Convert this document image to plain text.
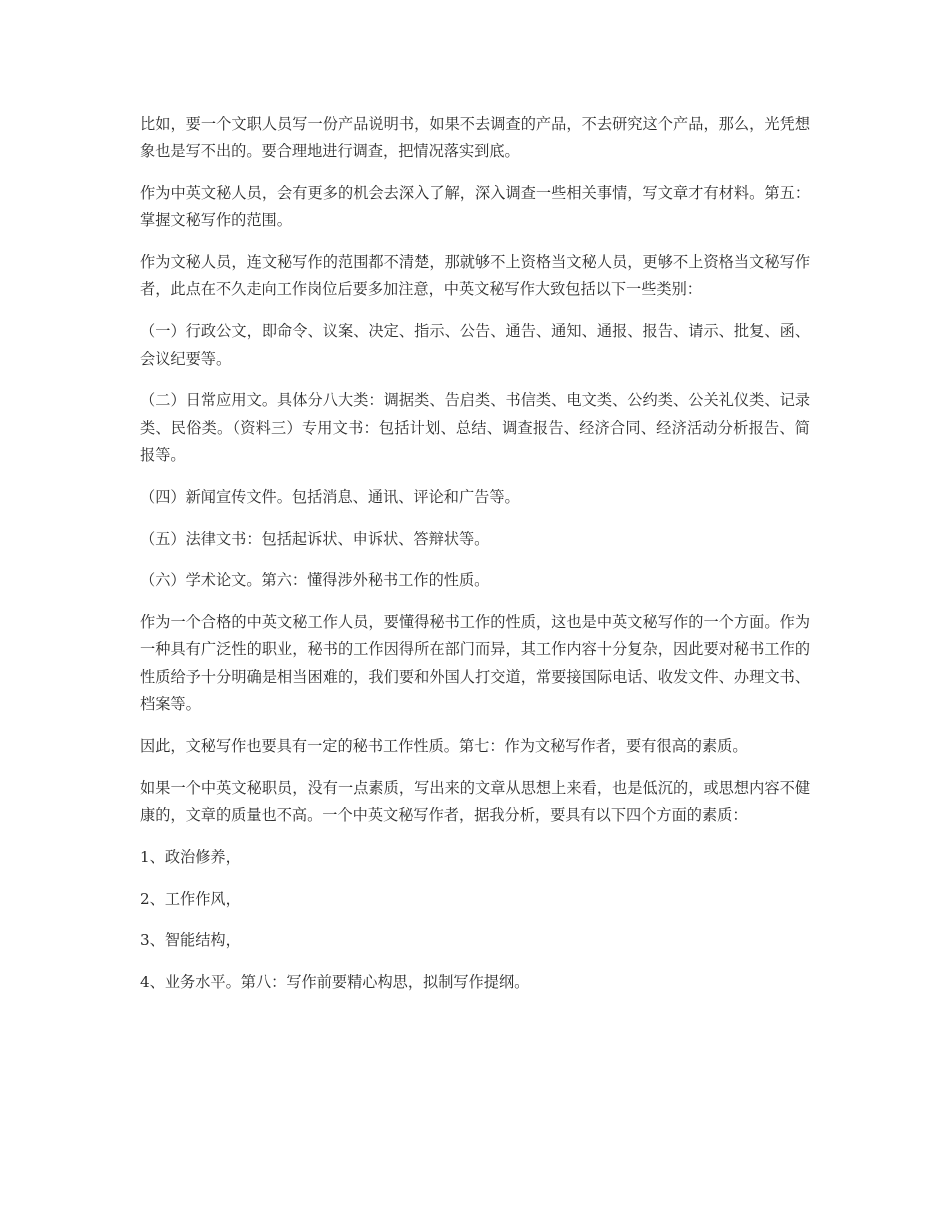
比如，要一个文职人员写一份产品说明书，如果不去调查的产品，不去研究这个产品，那么，光凭想象也是写不出的。要合理地进行调查，把情况落实到底。

作为中英文秘人员，会有更多的机会去深入了解，深入调查一些相关事情，写文章才有材料。第五：掌握文秘写作的范围。

作为文秘人员，连文秘写作的范围都不清楚，那就够不上资格当文秘人员，更够不上资格当文秘写作者，此点在不久走向工作岗位后要多加注意，中英文秘写作大致包括以下一些类别：

（一）行政公文，即命令、议案、决定、指示、公告、通告、通知、通报、报告、请示、批复、函、会议纪要等。

（二）日常应用文。具体分八大类：调据类、告启类、书信类、电文类、公约类、公关礼仪类、记录类、民俗类。（资料三）专用文书：包括计划、总结、调查报告、经济合同、经济活动分析报告、简报等。

（四）新闻宣传文件。包括消息、通讯、评论和广告等。

（五）法律文书：包括起诉状、申诉状、答辩状等。

（六）学术论文。第六：懂得涉外秘书工作的性质。

作为一个合格的中英文秘工作人员，要懂得秘书工作的性质，这也是中英文秘写作的一个方面。作为一种具有广泛性的职业，秘书的工作因得所在部门而异，其工作内容十分复杂，因此要对秘书工作的性质给予十分明确是相当困难的，我们要和外国人打交道，常要接国际电话、收发文件、办理文书、档案等。

因此，文秘写作也要具有一定的秘书工作性质。第七：作为文秘写作者，要有很高的素质。

如果一个中英文秘职员，没有一点素质，写出来的文章从思想上来看，也是低沉的，或思想内容不健康的，文章的质量也不高。一个中英文秘写作者，据我分析，要具有以下四个方面的素质：

1、政治修养，

2、工作作风，

3、智能结构，

4、业务水平。第八：写作前要精心构思，拟制写作提纲。
